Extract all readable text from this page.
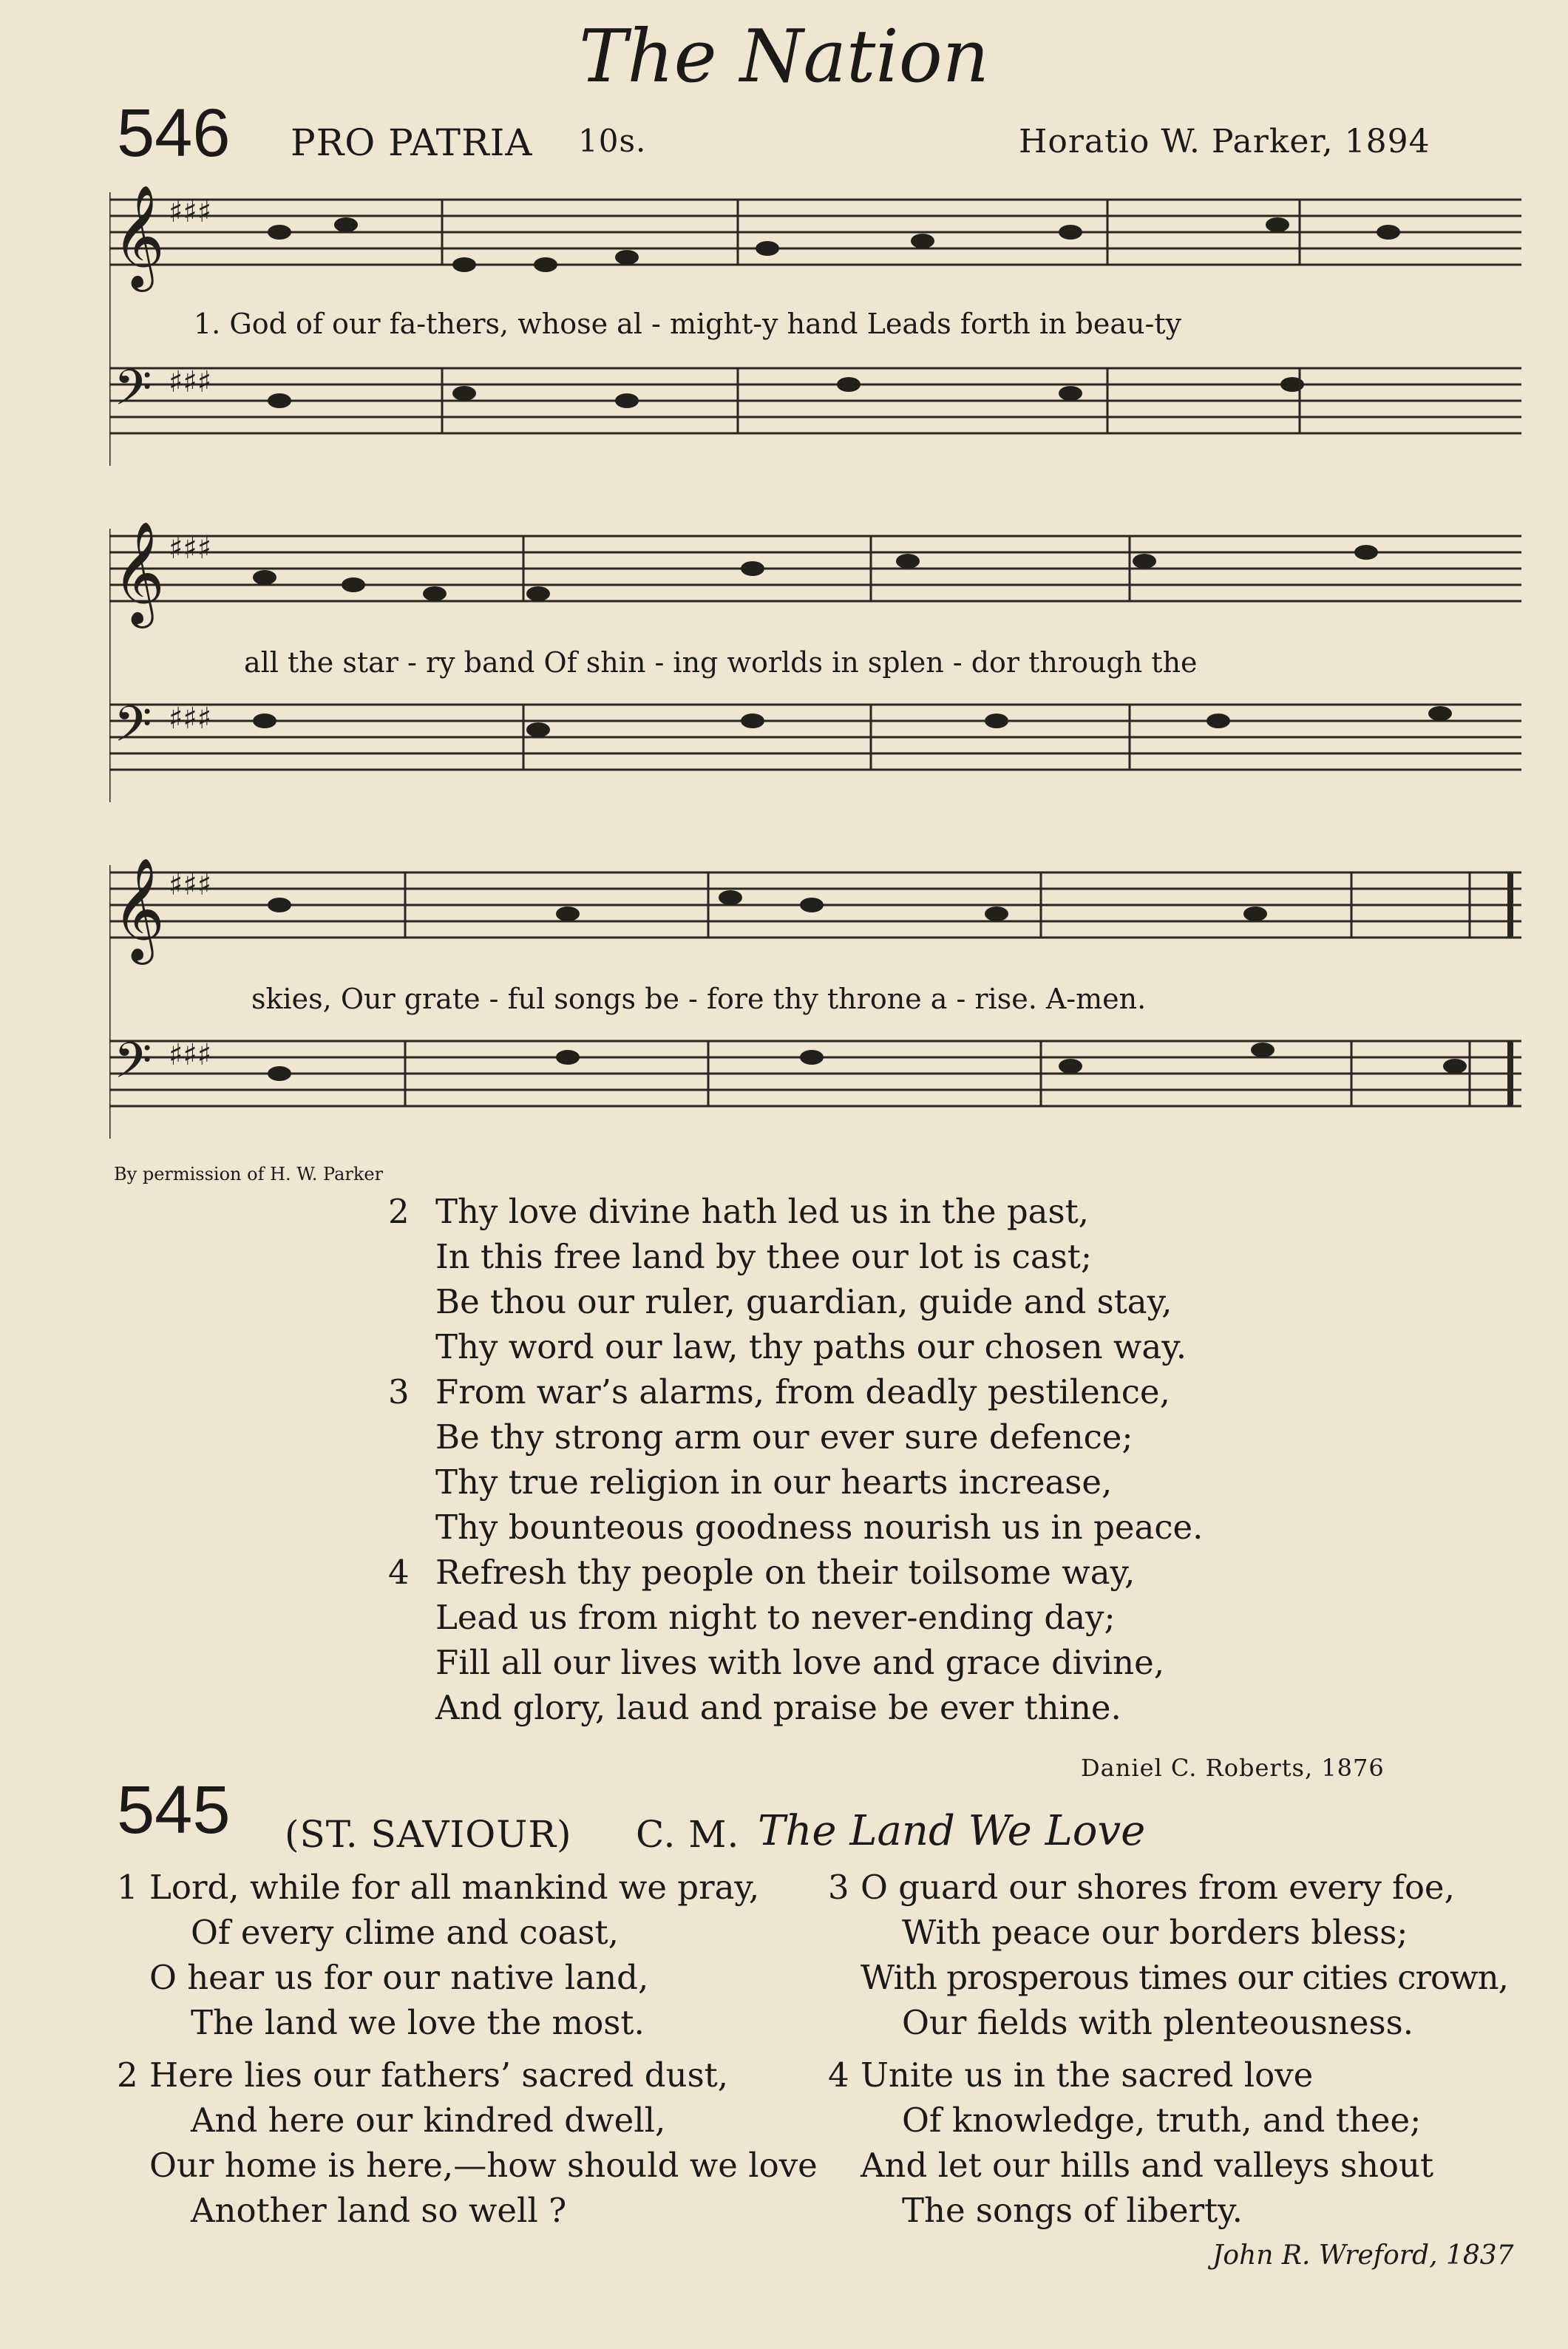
The Nation
546 PRO PATRIA 10s.	Horatio W. Parker, 1894
𝄞 ♯♯♯
𝄢 ♯♯♯
1. God of our fa-thers, whose al - might-y hand Leads forth in beau-ty
𝄞 ♯♯♯
𝄢 ♯♯♯
all the star - ry band Of shin - ing worlds in splen - dor through the
𝄞 ♯♯♯
𝄢 ♯♯♯
skies, Our grate - ful songs be - fore thy throne a - rise. A-men.
By permission of H. W. Parker
2 Thy love divine hath led us in the past,
In this free land by thee our lot is cast;
Be thou our ruler, guardian, guide and stay,
Thy word our law, thy paths our chosen way.
3 From war’s alarms, from deadly pestilence,
Be thy strong arm our ever sure defence;
Thy true religion in our hearts increase,
Thy bounteous goodness nourish us in peace.
4 Refresh thy people on their toilsome way,
Lead us from night to never-ending day;
Fill all our lives with love and grace divine,
And glory, laud and praise be ever thine.
Daniel C. Roberts, 1876
545 (ST. SAVIOUR) C. M. The Land We Love
1 Lord, while for all mankind we pray,
Of every clime and coast,
O hear us for our native land,
The land we love the most.
2 Here lies our fathers’ sacred dust,
And here our kindred dwell,
Our home is here,—how should we love
Another land so well ?
3 O guard our shores from every foe,
With peace our borders bless;
With prosperous times our cities crown,
Our fields with plenteousness.
4 Unite us in the sacred love
Of knowledge, truth, and thee;
And let our hills and valleys shout
The songs of liberty.
John R. Wreford, 1837
